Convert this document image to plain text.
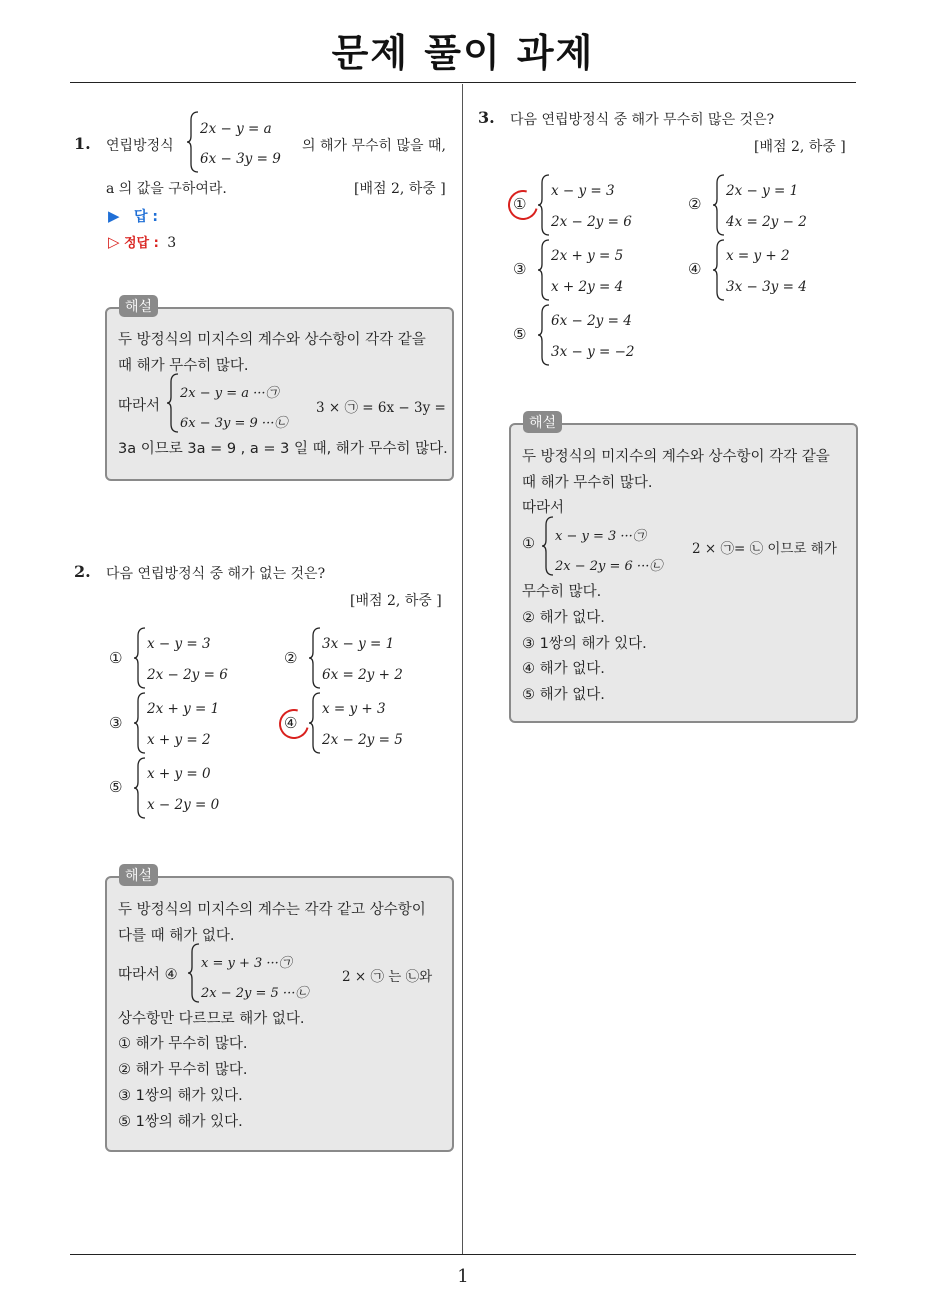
문제 풀이 과제
1
1. 연립방정식
2x − y = a
6x − 3y = 9
의 해가 무수히 많을 때,
a 의 값을 구하여라.	[배점 2, 하중 ]
▶ 답 :
▷ 정답 : 3
해설
두 방정식의 미지수의 계수와 상수항이 각각 같을
때 해가 무수히 많다.
따라서
2x − y = a ···㉠
6x − 3y = 9 ···㉡
3 × ㉠ = 6x − 3y =
3a 이므로 3a = 9 , a = 3 일 때, 해가 무수히 많다.
2. 다음 연립방정식 중 해가 없는 것은?
[배점 2, 하중 ]
①
x − y = 3
2x − 2y = 6
②
3x − y = 1
6x = 2y + 2
③
2x + y = 1
x + y = 2
④
x = y + 3
2x − 2y = 5
⑤
x + y = 0
x − 2y = 0
해설
두 방정식의 미지수의 계수는 각각 같고 상수항이
다를 때 해가 없다.
따라서 ④
x = y + 3 ···㉠
2x − 2y = 5 ···㉡
2 × ㉠ 는 ㉡와
상수항만 다르므로 해가 없다.
① 해가 무수히 많다.
② 해가 무수히 많다.
③ 1쌍의 해가 있다.
⑤ 1쌍의 해가 있다.
3. 다음 연립방정식 중 해가 무수히 많은 것은?
[배점 2, 하중 ]
①
x − y = 3
2x − 2y = 6
②
2x − y = 1
4x = 2y − 2
③
2x + y = 5
x + 2y = 4
④
x = y + 2
3x − 3y = 4
⑤
6x − 2y = 4
3x − y = −2
해설
두 방정식의 미지수의 계수와 상수항이 각각 같을
때 해가 무수히 많다.
따라서
① x − y = 3 ···㉠
2x − 2y = 6 ···㉡
2 × ㉠= ㉡ 이므로 해가
무수히 많다.
② 해가 없다.
③ 1쌍의 해가 있다.
④ 해가 없다.
⑤ 해가 없다.
